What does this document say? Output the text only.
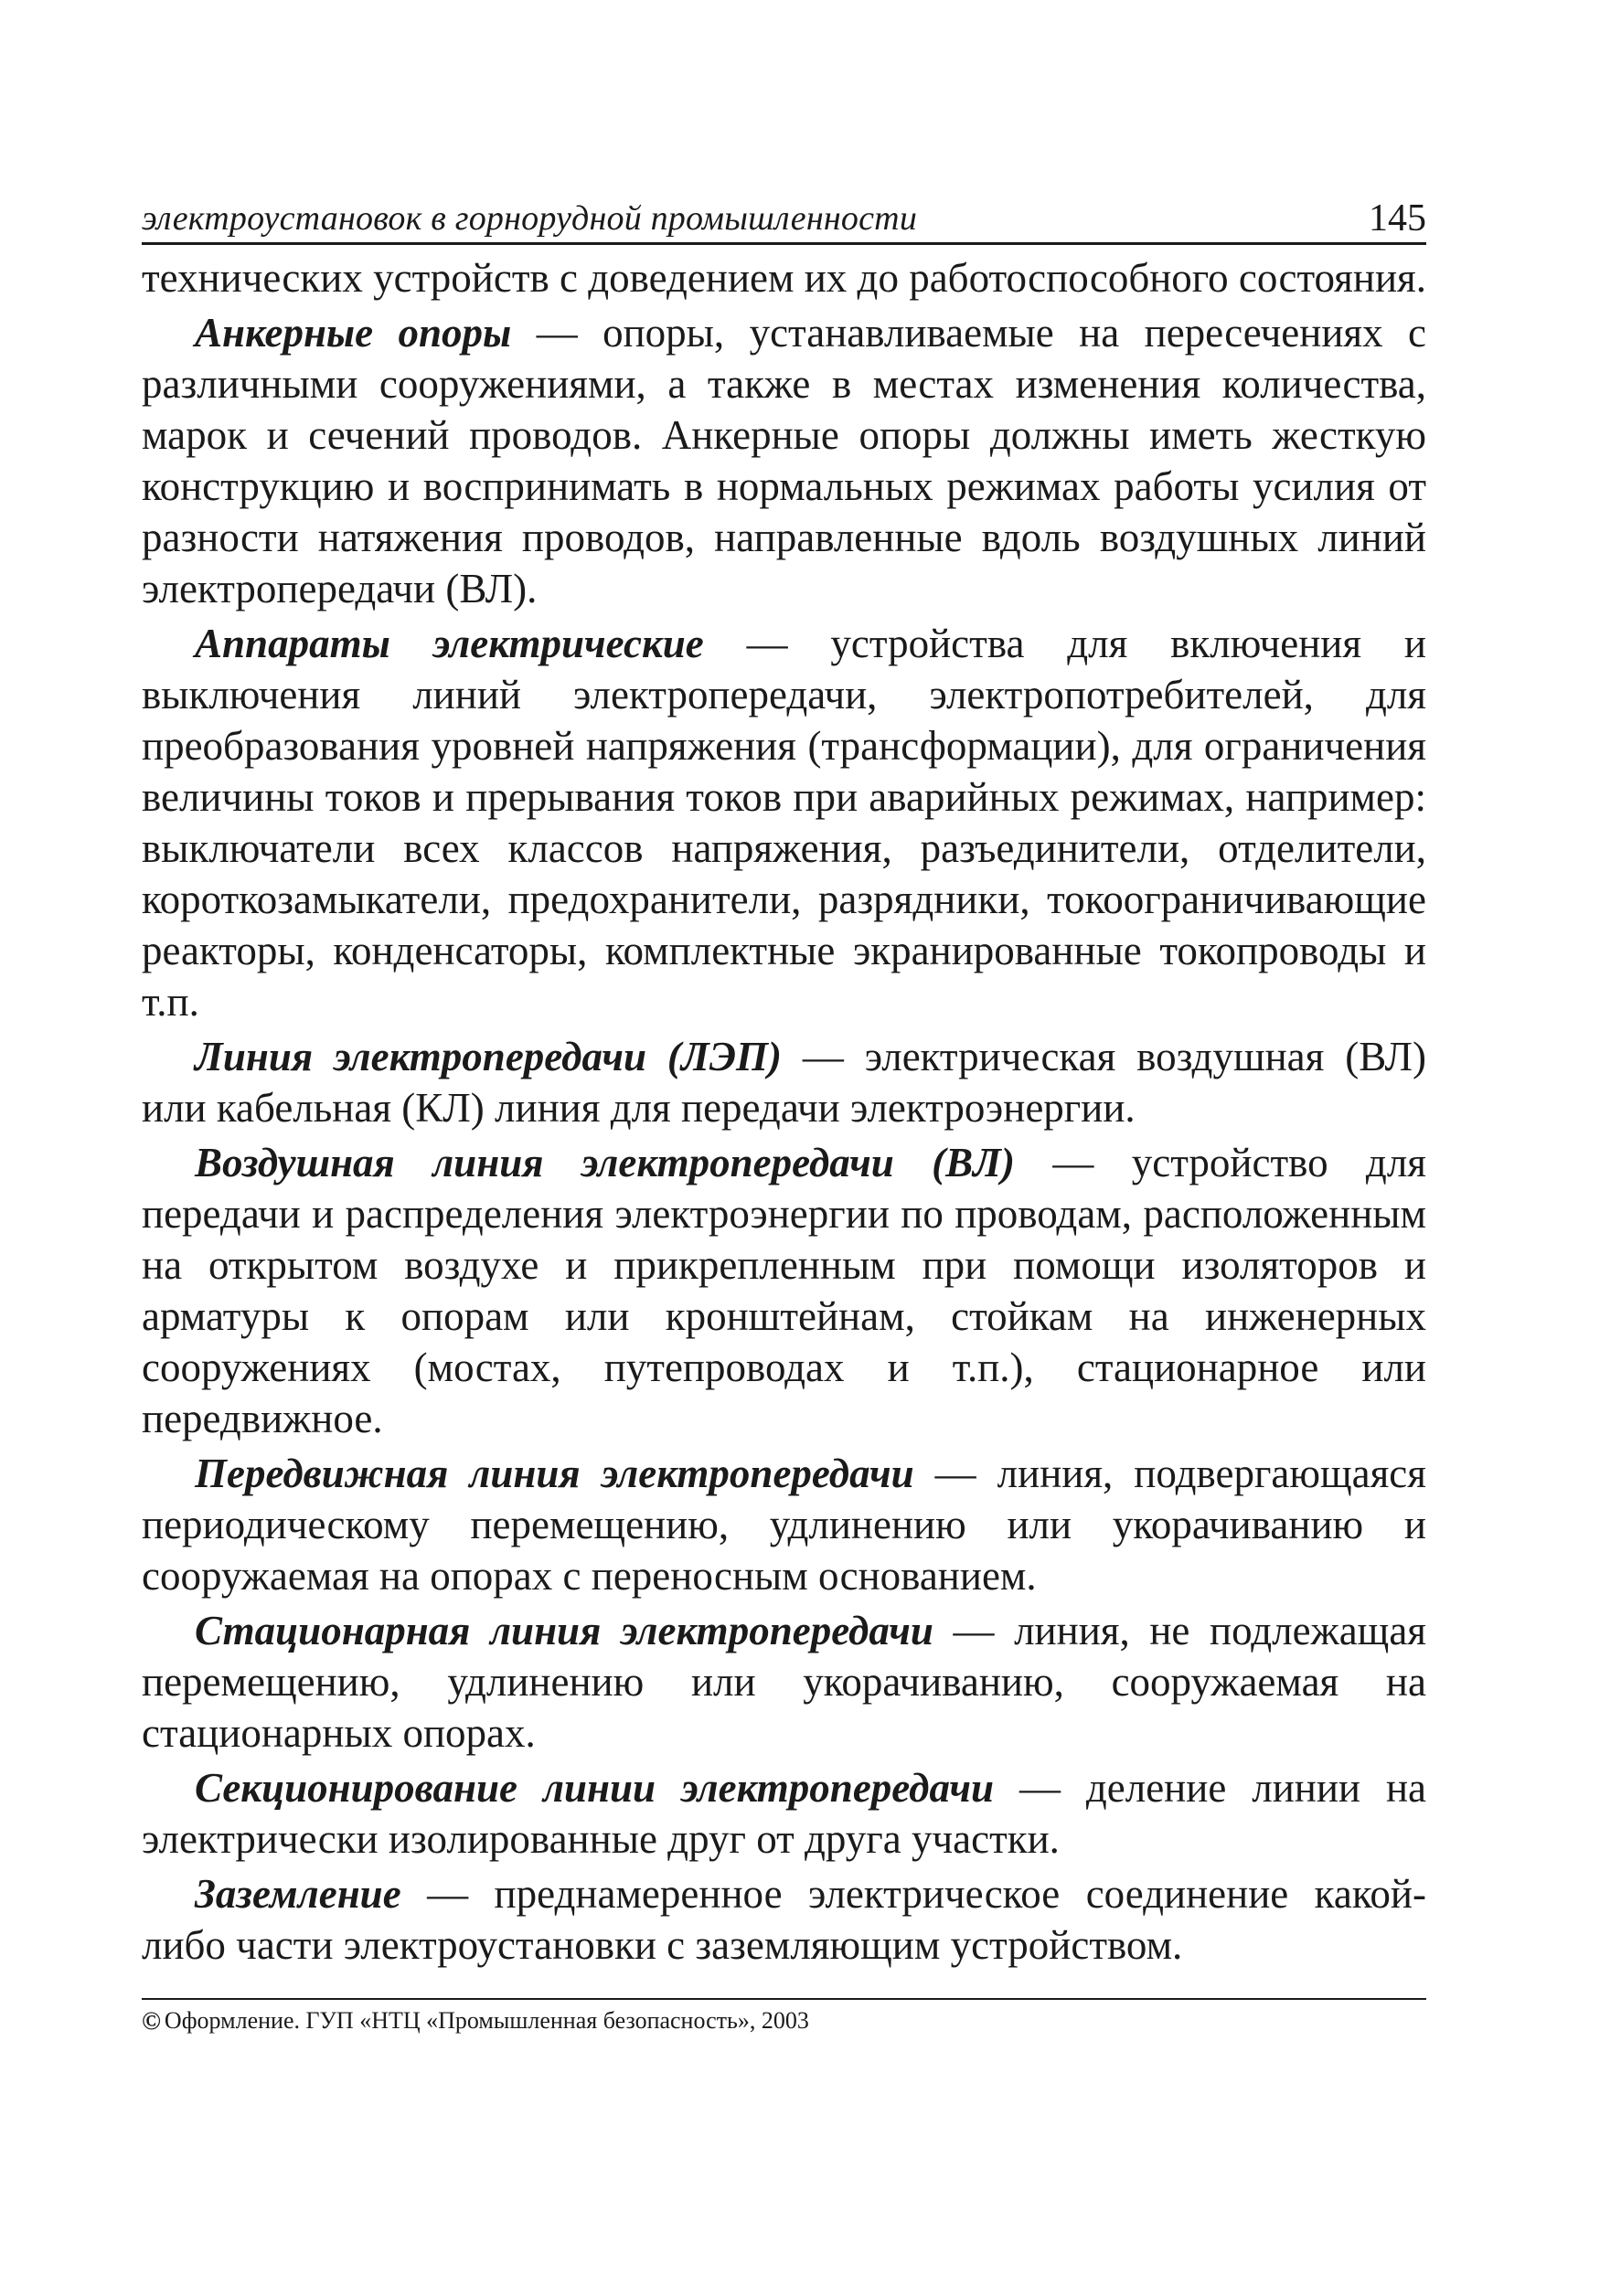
электроустановок в горнорудной промышленности	145

технических устройств с доведением их до работоспособного состояния.

Анкерные опоры — опоры, устанавливаемые на пересечениях с различными сооружениями, а также в местах изменения количества, марок и сечений проводов. Анкерные опоры должны иметь жесткую конструкцию и воспринимать в нормальных режимах работы усилия от разности натяжения проводов, направленные вдоль воздушных линий электропередачи (ВЛ).

Аппараты электрические — устройства для включения и выключения линий электропередачи, электропотребителей, для преобразования уровней напряжения (трансформации), для ограничения величины токов и прерывания токов при аварийных режимах, например: выключатели всех классов напряжения, разъединители, отделители, короткозамыкатели, предохранители, разрядники, токоограничивающие реакторы, конденсаторы, комплектные экранированные токопроводы и т.п.

Линия электропередачи (ЛЭП) — электрическая воздушная (ВЛ) или кабельная (КЛ) линия для передачи электроэнергии.

Воздушная линия электропередачи (ВЛ) — устройство для передачи и распределения электроэнергии по проводам, расположенным на открытом воздухе и прикрепленным при помощи изоляторов и арматуры к опорам или кронштейнам, стойкам на инженерных сооружениях (мостах, путепроводах и т.п.), стационарное или передвижное.

Передвижная линия электропередачи — линия, подвергающаяся периодическому перемещению, удлинению или укорачиванию и сооружаемая на опорах с переносным основанием.

Стационарная линия электропередачи — линия, не подлежащая перемещению, удлинению или укорачиванию, сооружаемая на стационарных опорах.

Секционирование линии электропередачи — деление линии на электрически изолированные друг от друга участки.

Заземление — преднамеренное электрическое соединение какой-либо части электроустановки с заземляющим устройством.

© Оформление. ГУП «НТЦ «Промышленная безопасность», 2003
